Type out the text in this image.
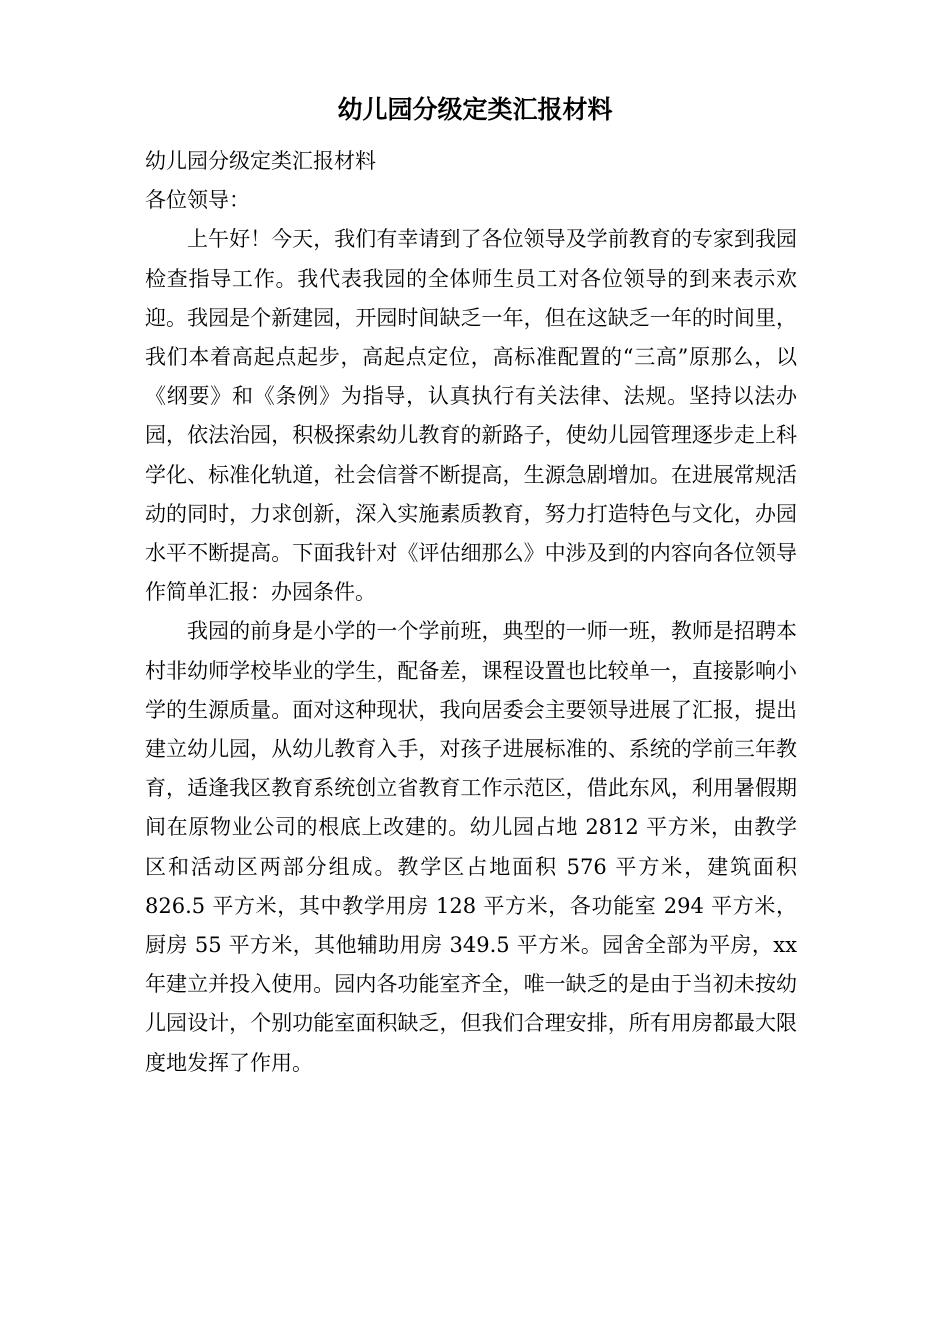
幼儿园分级定类汇报材料

幼儿园分级定类汇报材料

各位领导：

上午好！今天，我们有幸请到了各位领导及学前教育的专家到我园检查指导工作。我代表我园的全体师生员工对各位领导的到来表示欢迎。我园是个新建园，开园时间缺乏一年，但在这缺乏一年的时间里，我们本着高起点起步，高起点定位，高标准配置的“三高”原那么，以《纲要》和《条例》为指导，认真执行有关法律、法规。坚持以法办园，依法治园，积极探索幼儿教育的新路子，使幼儿园管理逐步走上科学化、标准化轨道，社会信誉不断提高，生源急剧增加。在进展常规活动的同时，力求创新，深入实施素质教育，努力打造特色与文化，办园水平不断提高。下面我针对《评估细那么》中涉及到的内容向各位领导作简单汇报：办园条件。

我园的前身是小学的一个学前班，典型的一师一班，教师是招聘本村非幼师学校毕业的学生，配备差，课程设置也比较单一，直接影响小学的生源质量。面对这种现状，我向居委会主要领导进展了汇报，提出建立幼儿园，从幼儿教育入手，对孩子进展标准的、系统的学前三年教育，适逢我区教育系统创立省教育工作示范区，借此东风，利用暑假期间在原物业公司的根底上改建的。幼儿园占地 2812 平方米，由教学区和活动区两部分组成。教学区占地面积 576 平方米，建筑面积 826.5 平方米，其中教学用房 128 平方米，各功能室 294 平方米，厨房 55 平方米，其他辅助用房 349.5 平方米。园舍全部为平房，xx 年建立并投入使用。园内各功能室齐全，唯一缺乏的是由于当初未按幼儿园设计，个别功能室面积缺乏，但我们合理安排，所有用房都最大限度地发挥了作用。
